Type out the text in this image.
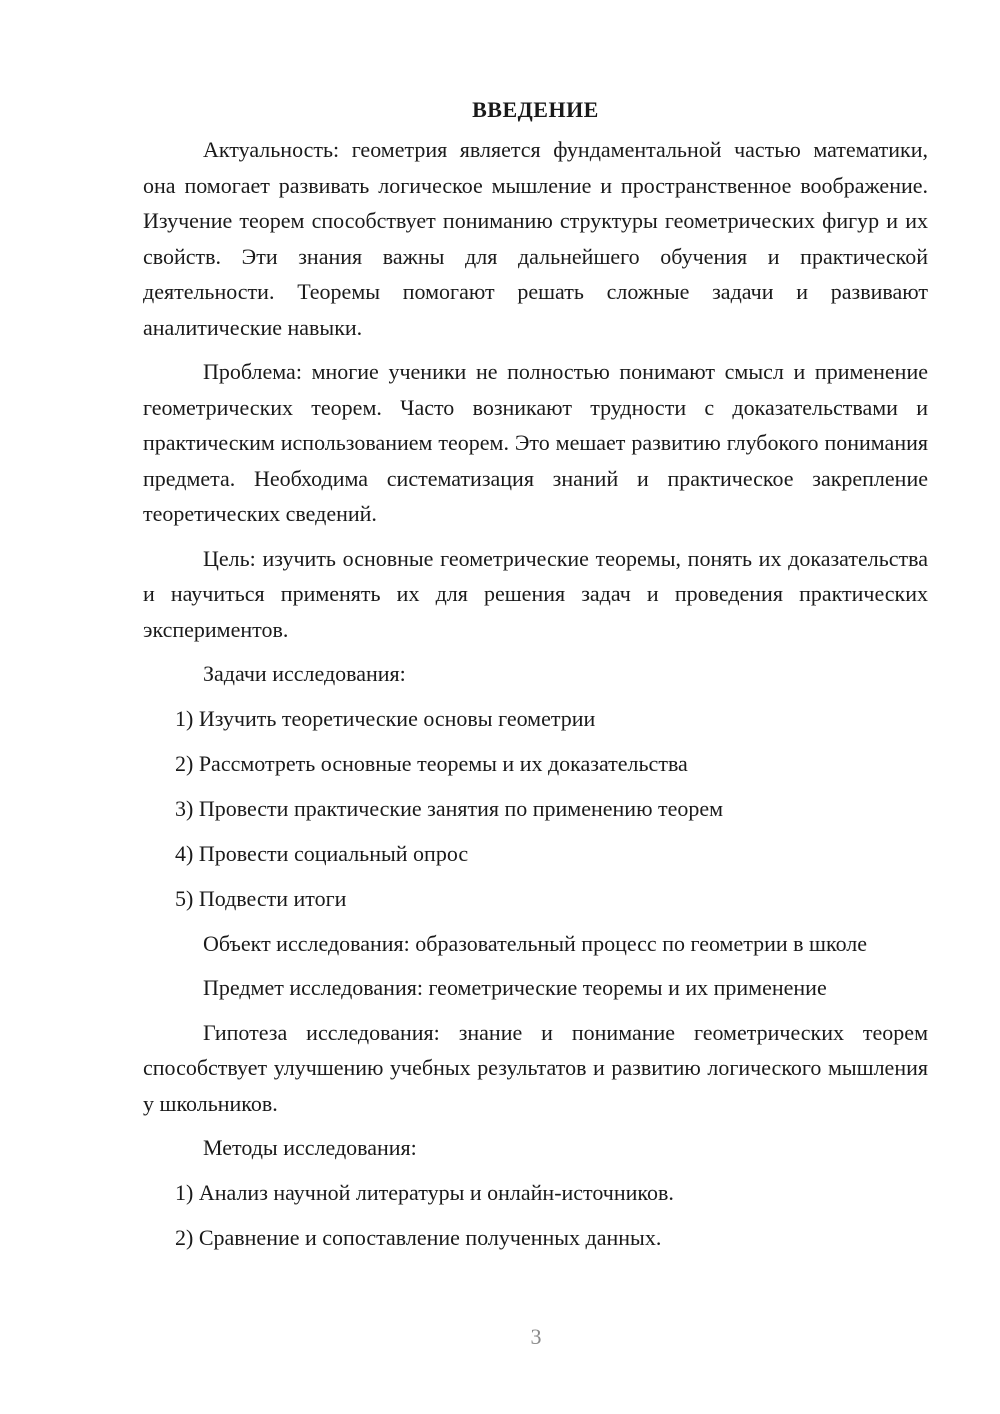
ВВЕДЕНИЕ

Актуальность: геометрия является фундаментальной частью математики, она помогает развивать логическое мышление и пространственное воображение. Изучение теорем способствует пониманию структуры геометрических фигур и их свойств. Эти знания важны для дальнейшего обучения и практической деятельности. Теоремы помогают решать сложные задачи и развивают аналитические навыки.

Проблема: многие ученики не полностью понимают смысл и применение геометрических теорем. Часто возникают трудности с доказательствами и практическим использованием теорем. Это мешает развитию глубокого понимания предмета. Необходима систематизация знаний и практическое закрепление теоретических сведений.

Цель: изучить основные геометрические теоремы, понять их доказательства и научиться применять их для решения задач и проведения практических экспериментов.

Задачи исследования:

1) Изучить теоретические основы геометрии
2) Рассмотреть основные теоремы и их доказательства
3) Провести практические занятия по применению теорем
4) Провести социальный опрос
5) Подвести итоги

Объект исследования: образовательный процесс по геометрии в школе

Предмет исследования: геометрические теоремы и их применение

Гипотеза исследования: знание и понимание геометрических теорем способствует улучшению учебных результатов и развитию логического мышления у школьников.

Методы исследования:

1) Анализ научной литературы и онлайн-источников.
2) Сравнение и сопоставление полученных данных.
3
